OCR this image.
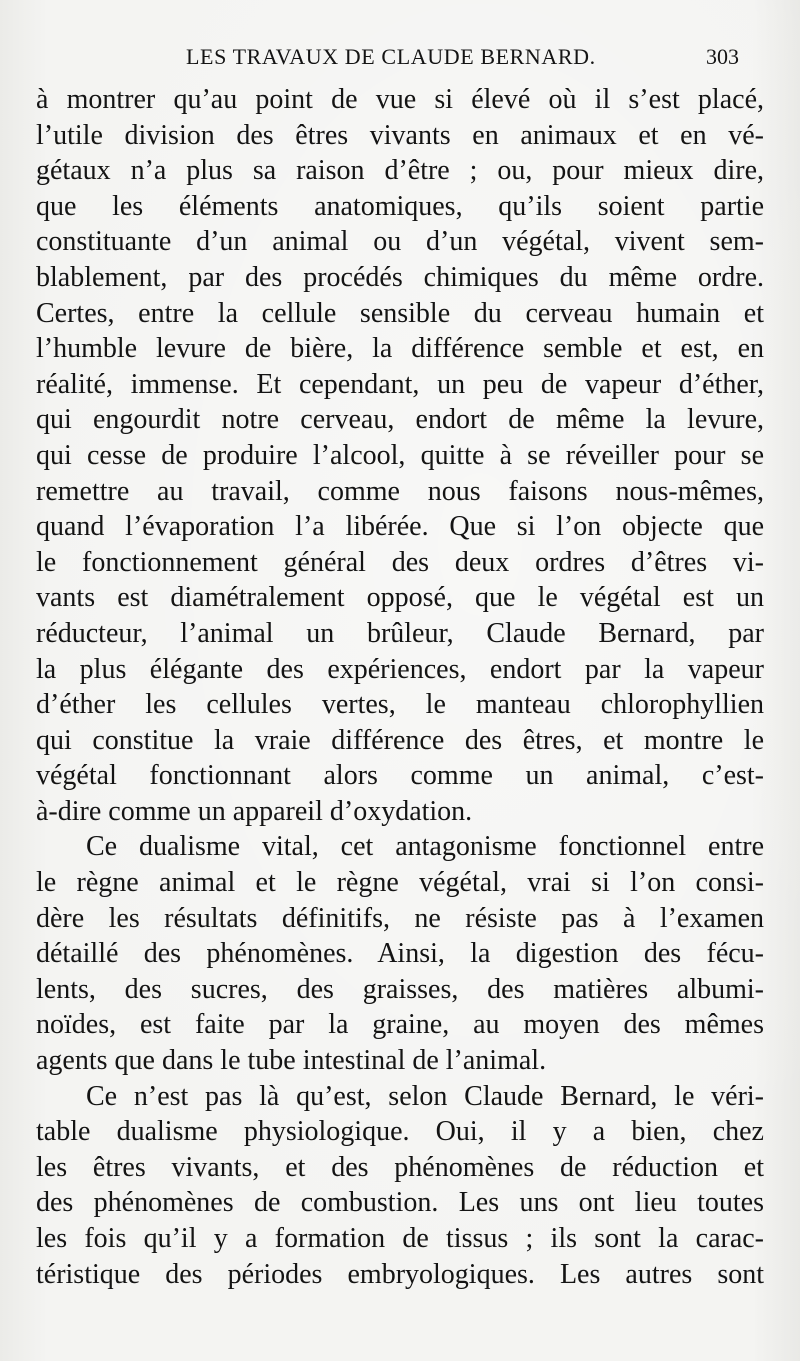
LES TRAVAUX DE CLAUDE BERNARD.	303
à montrer qu’au point de vue si élevé où il s’est placé,
l’utile division des êtres vivants en animaux et en vé-
gétaux n’a plus sa raison d’être ; ou, pour mieux dire,
que les éléments anatomiques, qu’ils soient partie
constituante d’un animal ou d’un végétal, vivent sem-
blablement, par des procédés chimiques du même ordre.
Certes, entre la cellule sensible du cerveau humain et
l’humble levure de bière, la différence semble et est, en
réalité, immense. Et cependant, un peu de vapeur d’éther,
qui engourdit notre cerveau, endort de même la levure,
qui cesse de produire l’alcool, quitte à se réveiller pour se
remettre au travail, comme nous faisons nous-mêmes,
quand l’évaporation l’a libérée. Que si l’on objecte que
le fonctionnement général des deux ordres d’êtres vi-
vants est diamétralement opposé, que le végétal est un
réducteur, l’animal un brûleur, Claude Bernard, par
la plus élégante des expériences, endort par la vapeur
d’éther les cellules vertes, le manteau chlorophyllien
qui constitue la vraie différence des êtres, et montre le
végétal fonctionnant alors comme un animal, c’est-
à-dire comme un appareil d’oxydation.
Ce dualisme vital, cet antagonisme fonctionnel entre
le règne animal et le règne végétal, vrai si l’on consi-
dère les résultats définitifs, ne résiste pas à l’examen
détaillé des phénomènes. Ainsi, la digestion des fécu-
lents, des sucres, des graisses, des matières albumi-
noïdes, est faite par la graine, au moyen des mêmes
agents que dans le tube intestinal de l’animal.
Ce n’est pas là qu’est, selon Claude Bernard, le véri-
table dualisme physiologique. Oui, il y a bien, chez
les êtres vivants, et des phénomènes de réduction et
des phénomènes de combustion. Les uns ont lieu toutes
les fois qu’il y a formation de tissus ; ils sont la carac-
téristique des périodes embryologiques. Les autres sont
